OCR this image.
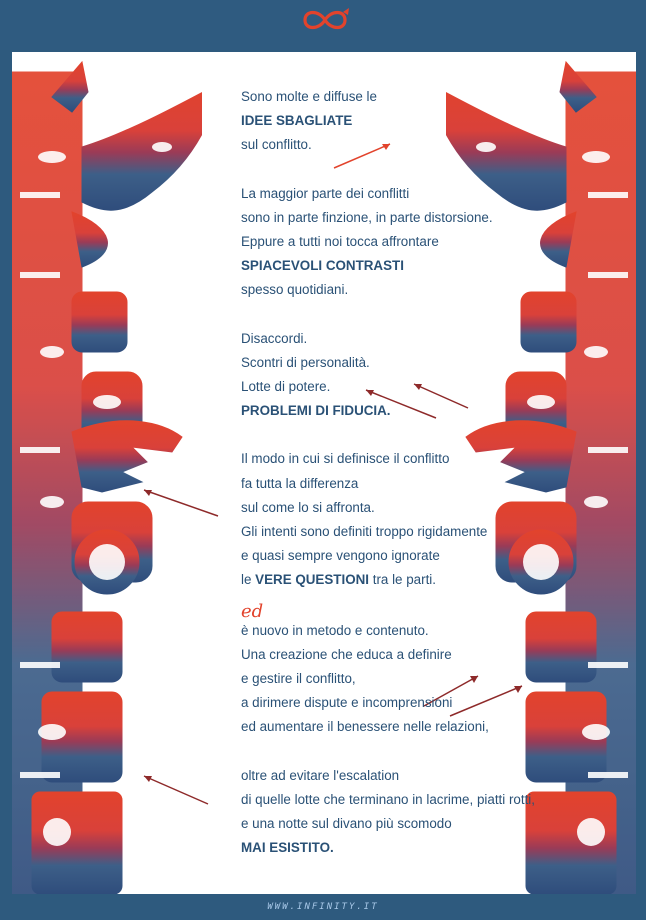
Sono molte e diffuse le
IDEE SBAGLIATE
sul conflitto.
La maggior parte dei conflitti
sono in parte finzione, in parte distorsione.
Eppure a tutti noi tocca affrontare
SPIACEVOLI CONTRASTI
spesso quotidiani.
Disaccordi.
Scontri di personalità.
Lotte di potere.
PROBLEMI DI FIDUCIA.
Il modo in cui si definisce il conflitto
fa tutta la differenza
sul come lo si affronta.
Gli intenti sono definiti troppo rigidamente
e quasi sempre vengono ignorate
le VERE QUESTIONI tra le parti.
è nuovo in metodo e contenuto.
Una creazione che educa a definire
e gestire il conflitto,
a dirimere dispute e incomprensioni
ed aumentare il benessere nelle relazioni,
oltre ad evitare l'escalation
di quelle lotte che terminano in lacrime, piatti rotti,
e una notte sul divano più scomodo
MAI ESISTITO.
ed
WWW.INFINITY.IT
